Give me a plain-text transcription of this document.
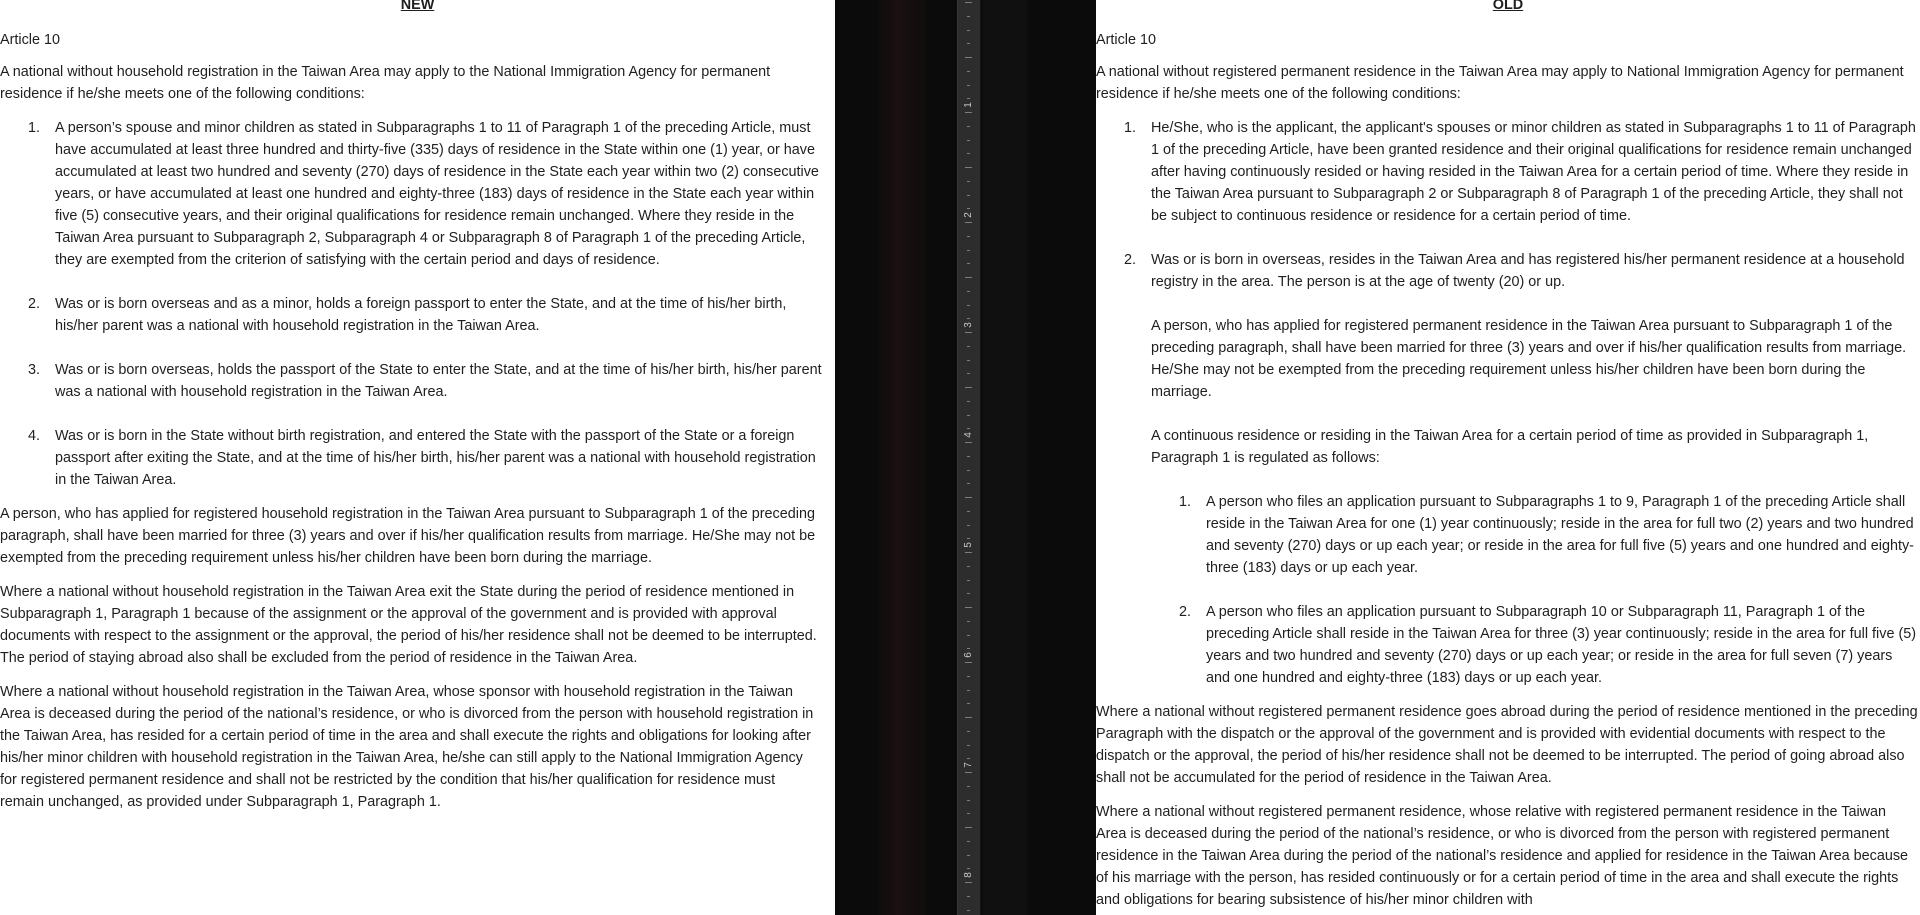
NEW

Article 10

A national without household registration in the Taiwan Area may apply to the National Immigration Agency for permanent residence if he/she meets one of the following conditions:

1. A person’s spouse and minor children as stated in Subparagraphs 1 to 11 of Paragraph 1 of the preceding Article, must have accumulated at least three hundred and thirty-five (335) days of residence in the State within one (1) year, or have accumulated at least two hundred and seventy (270) days of residence in the State each year within two (2) consecutive years, or have accumulated at least one hundred and eighty-three (183) days of residence in the State each year within five (5) consecutive years, and their original qualifications for residence remain unchanged. Where they reside in the Taiwan Area pursuant to Subparagraph 2, Subparagraph 4 or Subparagraph 8 of Paragraph 1 of the preceding Article, they are exempted from the criterion of satisfying with the certain period and days of residence.
2. Was or is born overseas and as a minor, holds a foreign passport to enter the State, and at the time of his/her birth, his/her parent was a national with household registration in the Taiwan Area.
3. Was or is born overseas, holds the passport of the State to enter the State, and at the time of his/her birth, his/her parent was a national with household registration in the Taiwan Area.
4. Was or is born in the State without birth registration, and entered the State with the passport of the State or a foreign passport after exiting the State, and at the time of his/her birth, his/her parent was a national with household registration in the Taiwan Area.

A person, who has applied for registered household registration in the Taiwan Area pursuant to Subparagraph 1 of the preceding paragraph, shall have been married for three (3) years and over if his/her qualification results from marriage. He/She may not be exempted from the preceding requirement unless his/her children have been born during the marriage.

Where a national without household registration in the Taiwan Area exit the State during the period of residence mentioned in Subparagraph 1, Paragraph 1 because of the assignment or the approval of the government and is provided with approval documents with respect to the assignment or the approval, the period of his/her residence shall not be deemed to be interrupted. The period of staying abroad also shall be excluded from the period of residence in the Taiwan Area.

Where a national without household registration in the Taiwan Area, whose sponsor with household registration in the Taiwan Area is deceased during the period of the national’s residence, or who is divorced from the person with household registration in the Taiwan Area, has resided for a certain period of time in the area and shall execute the rights and obligations for looking after his/her minor children with household registration in the Taiwan Area, he/she can still apply to the National Immigration Agency for registered permanent residence and shall not be restricted by the condition that his/her qualification for residence must remain unchanged, as provided under Subparagraph 1, Paragraph 1.

1
2
3
4
5
6
7
8
OLD

Article 10

A national without registered permanent residence in the Taiwan Area may apply to National Immigration Agency for permanent residence if he/she meets one of the following conditions:

1. He/She, who is the applicant, the applicant's spouses or minor children as stated in Subparagraphs 1 to 11 of Paragraph 1 of the preceding Article, have been granted residence and their original qualifications for residence remain unchanged after having continuously resided or having resided in the Taiwan Area for a certain period of time. Where they reside in the Taiwan Area pursuant to Subparagraph 2 or Subparagraph 8 of Paragraph 1 of the preceding Article, they shall not be subject to continuous residence or residence for a certain period of time.
2. Was or is born in overseas, resides in the Taiwan Area and has registered his/her permanent residence at a household registry in the area. The person is at the age of twenty (20) or up.

A person, who has applied for registered permanent residence in the Taiwan Area pursuant to Subparagraph 1 of the preceding paragraph, shall have been married for three (3) years and over if his/her qualification results from marriage. He/She may not be exempted from the preceding requirement unless his/her children have been born during the marriage.

A continuous residence or residing in the Taiwan Area for a certain period of time as provided in Subparagraph 1, Paragraph 1 is regulated as follows:

1. A person who files an application pursuant to Subparagraphs 1 to 9, Paragraph 1 of the preceding Article shall reside in the Taiwan Area for one (1) year continuously; reside in the area for full two (2) years and two hundred and seventy (270) days or up each year; or reside in the area for full five (5) years and one hundred and eighty-three (183) days or up each year.
2. A person who files an application pursuant to Subparagraph 10 or Subparagraph 11, Paragraph 1 of the preceding Article shall reside in the Taiwan Area for three (3) year continuously; reside in the area for full five (5) years and two hundred and seventy (270) days or up each year; or reside in the area for full seven (7) years and one hundred and eighty-three (183) days or up each year.

Where a national without registered permanent residence goes abroad during the period of residence mentioned in the preceding Paragraph with the dispatch or the approval of the government and is provided with evidential documents with respect to the dispatch or the approval, the period of his/her residence shall not be deemed to be interrupted. The period of going abroad also shall not be accumulated for the period of residence in the Taiwan Area.

Where a national without registered permanent residence, whose relative with registered permanent residence in the Taiwan Area is deceased during the period of the national’s residence, or who is divorced from the person with registered permanent residence in the Taiwan Area during the period of the national’s residence and applied for residence in the Taiwan Area because of his marriage with the person, has resided continuously or for a certain period of time in the area and shall execute the rights and obligations for bearing subsistence of his/her minor children with
